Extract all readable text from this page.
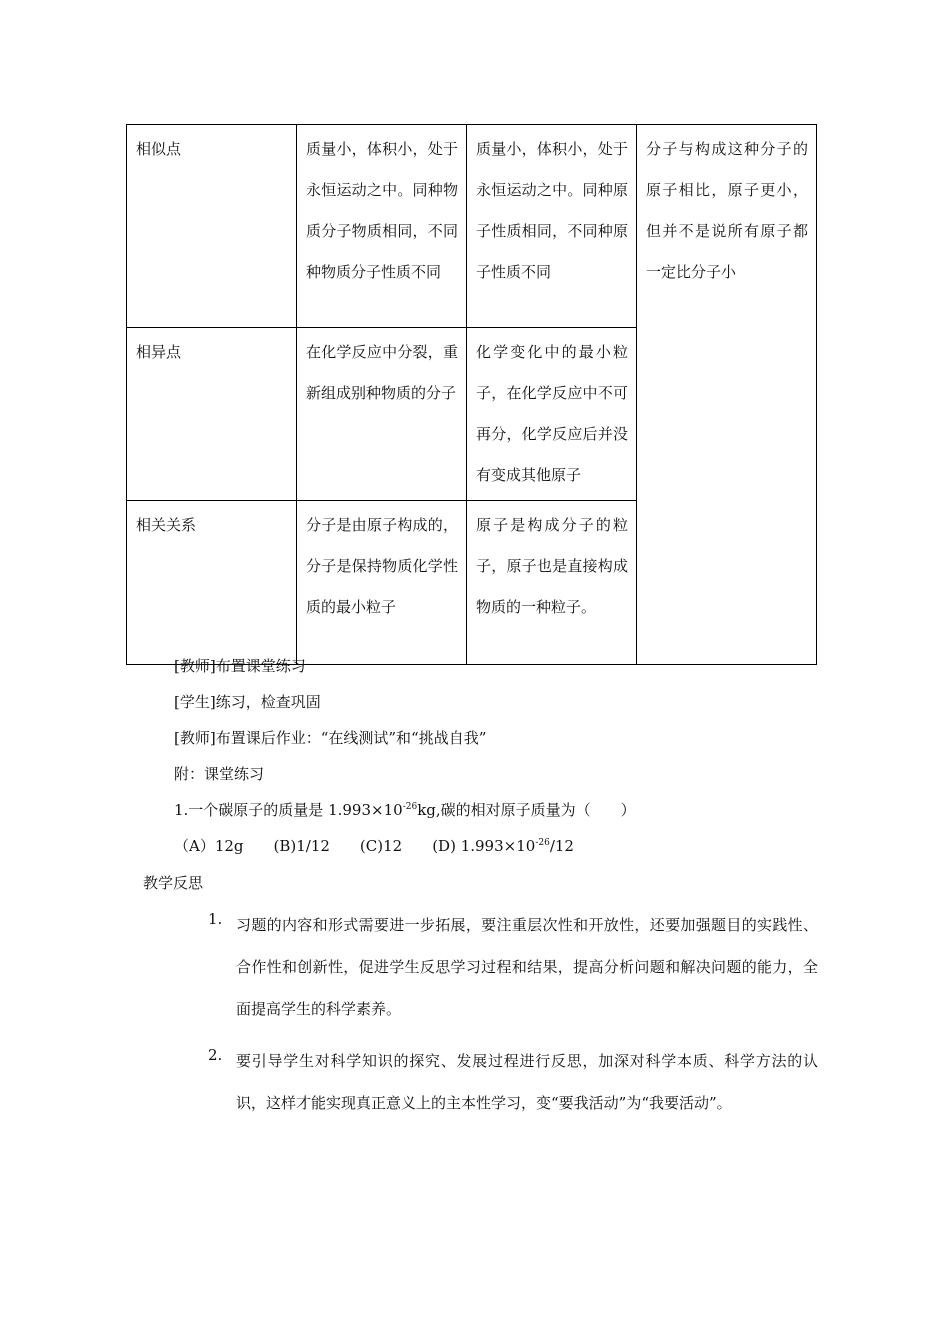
相似点	质量小，体积小，处于永恒运动之中。同种物质分子物质相同，不同种物质分子性质不同	质量小，体积小，处于永恒运动之中。同种原子性质相同，不同种原子性质不同	分子与构成这种分子的原子相比，原子更小，但并不是说所有原子都一定比分子小
相异点	在化学反应中分裂，重新组成别种物质的分子	化学变化中的最小粒子，在化学反应中不可再分，化学反应后并没有变成其他原子	
相关关系	分子是由原子构成的，分子是保持物质化学性质的最小粒子	原子是构成分子的粒子，原子也是直接构成物质的一种粒子。	
[教师]布置课堂练习
[学生]练习，检查巩固
[教师]布置课后作业：“在线测试”和“挑战自我”
附：课堂练习
1.一个碳原子的质量是 $1.993\times 10^{-26}kg$,碳的相对原子质量为（　　）
（A）12g　　(B)1/12　　(C)12　　(D) $1.993\times 10^{-26}/12$
教学反思
1. 习题的内容和形式需要进一步拓展，要注重层次性和开放性，还要加强题目的实践性、合作性和创新性，促进学生反思学习过程和结果，提高分析问题和解决问题的能力，全面提高学生的科学素养。
2. 要引导学生对科学知识的探究、发展过程进行反思，加深对科学本质、科学方法的认识，这样才能实现真正意义上的主本性学习，变“要我活动”为“我要活动”。
